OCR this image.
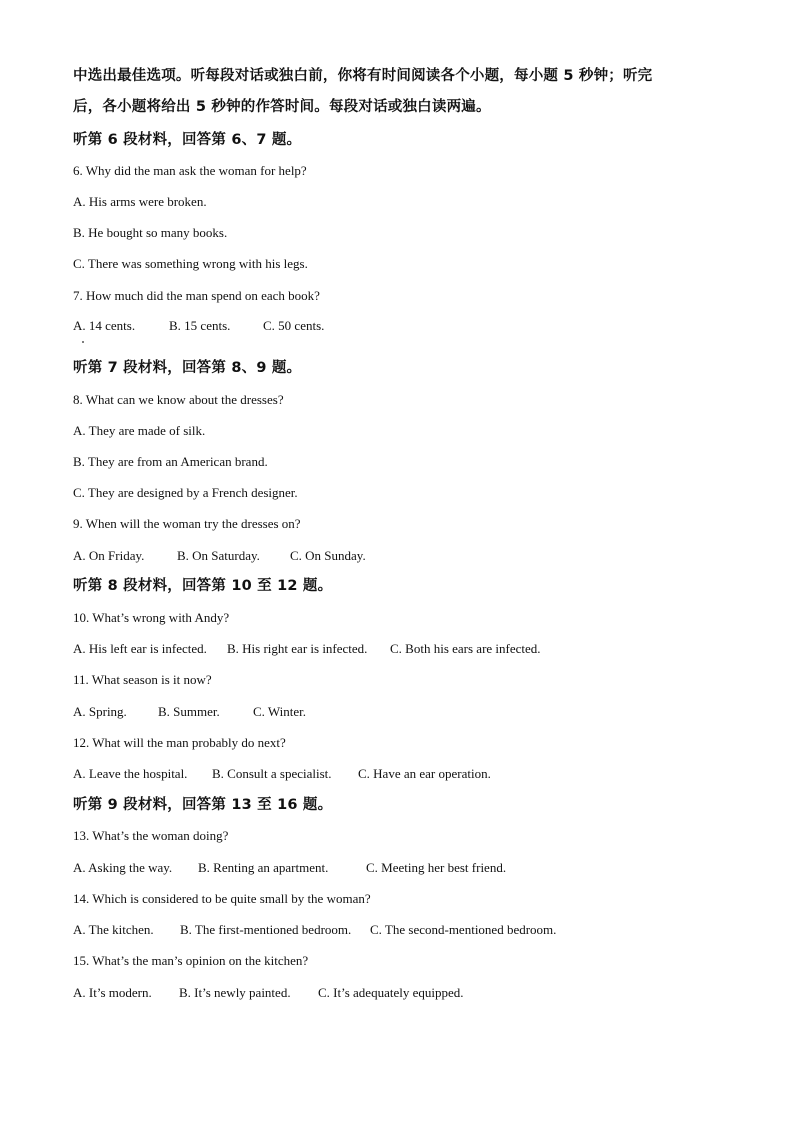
中选出最佳选项。听每段对话或独白前，你将有时间阅读各个小题，每小题 5 秒钟；听完
后，各小题将给出 5 秒钟的作答时间。每段对话或独白读两遍。
听第 6 段材料，回答第 6、7 题。
6. Why did the man ask the woman for help?
A. His arms were broken.
B. He bought so many books.
C. There was something wrong with his legs.
7. How much did the man spend on each book?
A. 14 cents.	B. 15 cents.	C. 50 cents.
听第 7 段材料，回答第 8、9 题。
8. What can we know about the dresses?
A. They are made of silk.
B. They are from an American brand.
C. They are designed by a French designer.
9. When will the woman try the dresses on?
A. On Friday.	B. On Saturday. C. On Sunday.
听第 8 段材料，回答第 10 至 12 题。
10. What’s wrong with Andy?
A. His left ear is infected. B. His right ear is infected. C. Both his ears are infected.
11. What season is it now?
A. Spring. B. Summer.	C. Winter.
12. What will the man probably do next?
A. Leave the hospital. B. Consult a specialist. C. Have an ear operation.
听第 9 段材料，回答第 13 至 16 题。
13. What’s the woman doing?
A. Asking the way. B. Renting an apartment.	C. Meeting her best friend.
14. Which is considered to be quite small by the woman?
A. The kitchen. B. The first-mentioned bedroom. C. The second-mentioned bedroom.
15. What’s the man’s opinion on the kitchen?
A. It’s modern. B. It’s newly painted. C. It’s adequately equipped.
